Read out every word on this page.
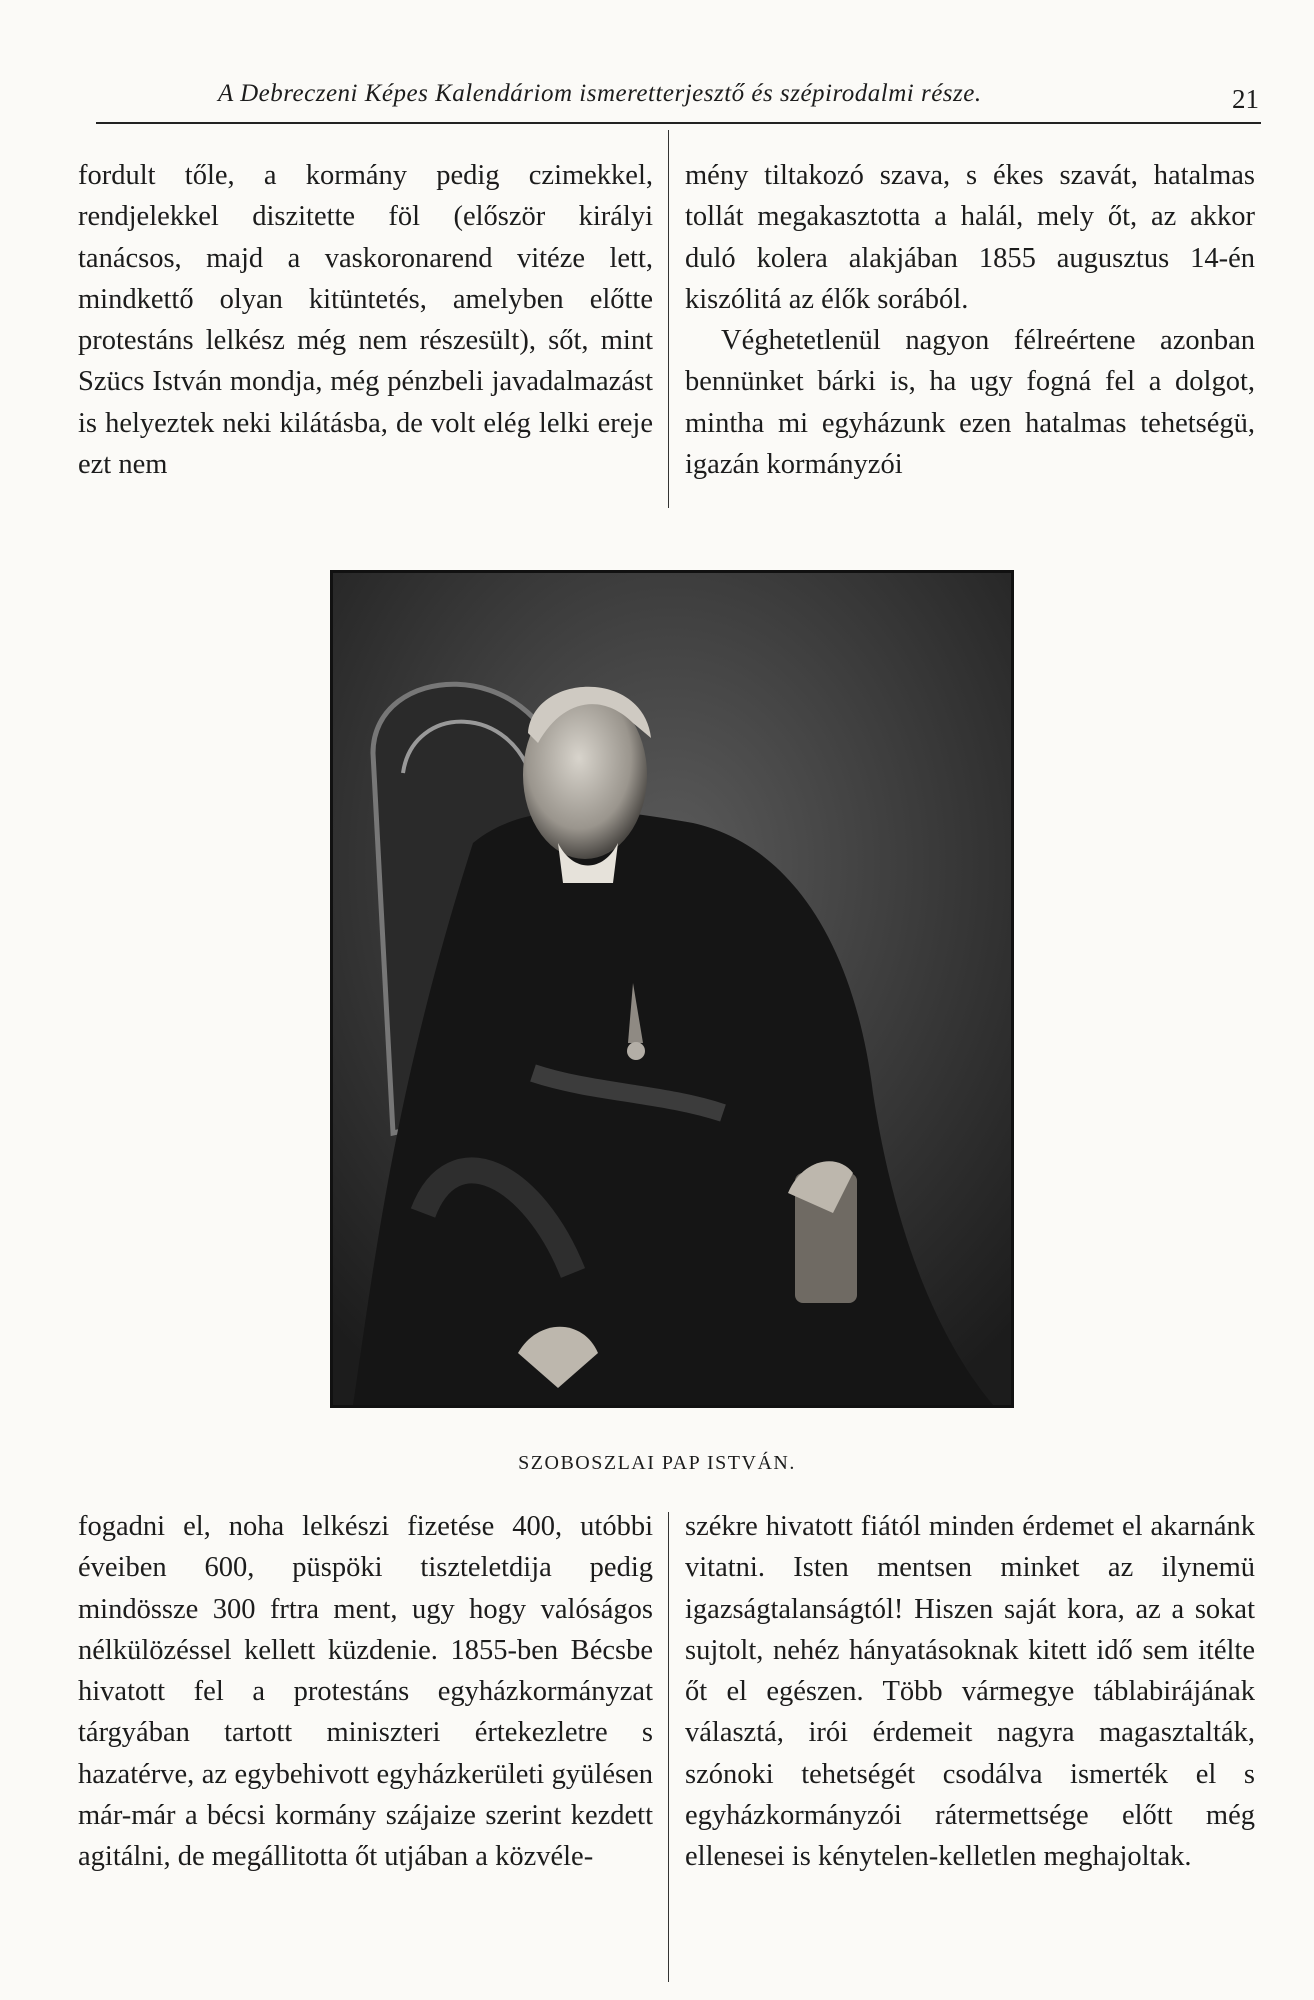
A Debreczeni Képes Kalendáriom ismeretterjesztő és szépirodalmi része.	21

fordult tőle, a kormány pedig czimekkel, rendjelekkel diszitette föl (először királyi tanácsos, majd a vaskoronarend vitéze lett, mindkettő olyan kitüntetés, amelyben előtte protestáns lelkész még nem részesült), sőt, mint Szücs István mondja, még pénzbeli javadalmazást is helyeztek neki kilátásba, de volt elég lelki ereje ezt nem

mény tiltakozó szava, s ékes szavát, hatalmas tollát megakasztotta a halál, mely őt, az akkor duló kolera alakjában 1855 augusztus 14-én kiszólitá az élők sorából.

Véghetetlenül nagyon félreértene azonban bennünket bárki is, ha ugy fogná fel a dolgot, mintha mi egyházunk ezen hatalmas tehetségü, igazán kormányzói

SZOBOSZLAI PAP ISTVÁN.

fogadni el, noha lelkészi fizetése 400, utóbbi éveiben 600, püspöki tiszteletdija pedig mindössze 300 frtra ment, ugy hogy valóságos nélkülözéssel kellett küzdenie. 1855-ben Bécsbe hivatott fel a protestáns egyházkormányzat tárgyában tartott miniszteri értekezletre s hazatérve, az egybehivott egyházkerületi gyülésen már-már a bécsi kormány szájaize szerint kezdett agitálni, de megállitotta őt utjában a közvéle-

székre hivatott fiától minden érdemet el akarnánk vitatni. Isten mentsen minket az ilynemü igazságtalanságtól! Hiszen saját kora, az a sokat sujtolt, nehéz hányatásoknak kitett idő sem itélte őt el egészen. Több vármegye táblabirájának választá, irói érdemeit nagyra magasztalták, szónoki tehetségét csodálva ismerték el s egyházkormányzói rátermettsége előtt még ellenesei is kénytelen-kelletlen meghajoltak.
